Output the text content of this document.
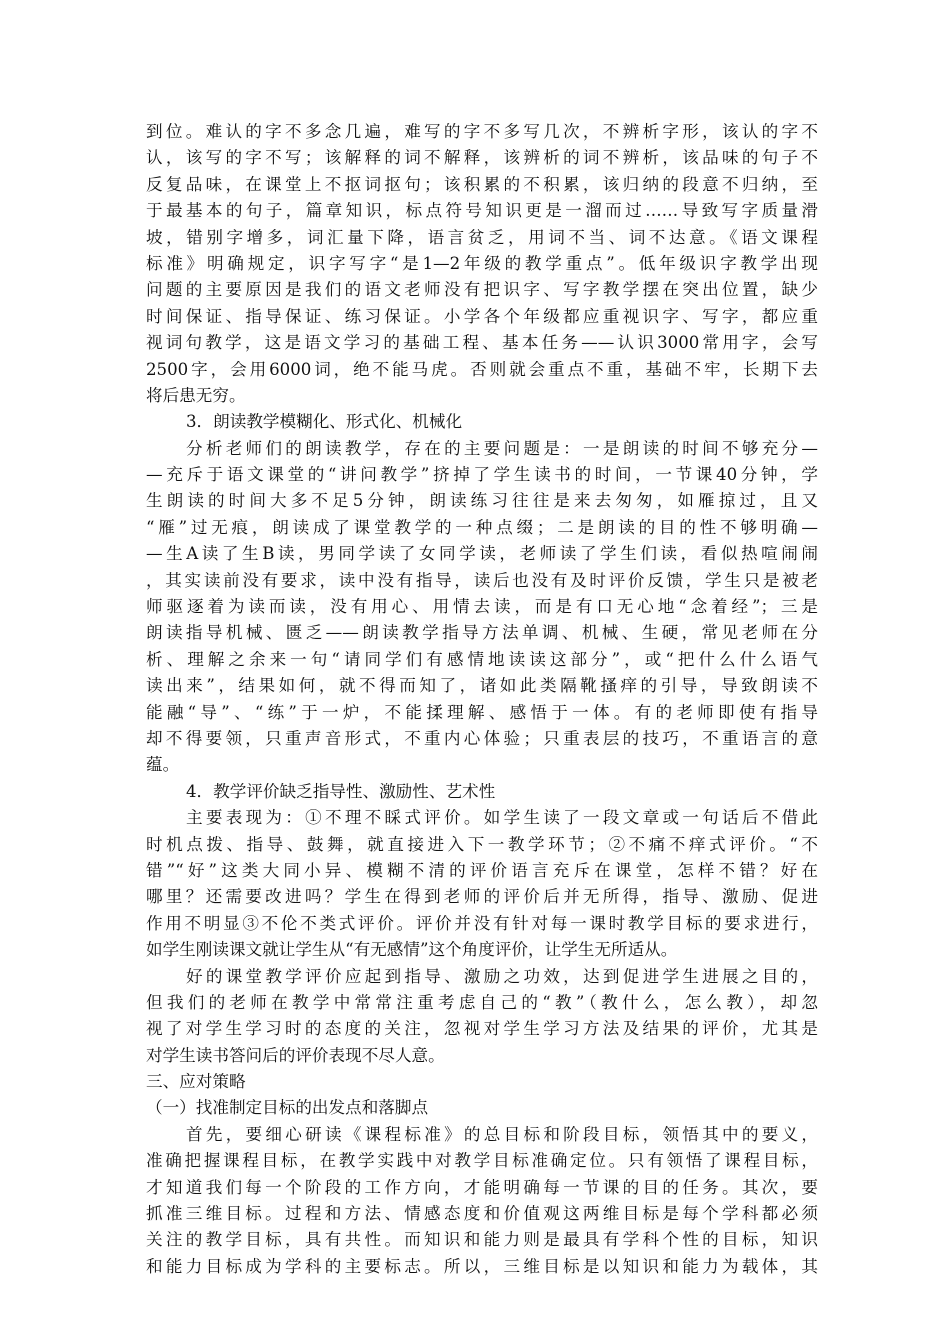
到位。难认的字不多念几遍，难写的字不多写几次，不辨析字形，该认的字不
认，该写的字不写；该解释的词不解释，该辨析的词不辨析，该品味的句子不
反复品味，在课堂上不抠词抠句；该积累的不积累，该归纳的段意不归纳，至
于最基本的句子，篇章知识，标点符号知识更是一溜而过……导致写字质量滑
坡，错别字增多，词汇量下降，语言贫乏，用词不当、词不达意。《语文课程
标准》明确规定，识字写字“是1—2年级的教学重点”。低年级识字教学出现
问题的主要原因是我们的语文老师没有把识字、写字教学摆在突出位置，缺少
时间保证、指导保证、练习保证。小学各个年级都应重视识字、写字，都应重
视词句教学，这是语文学习的基础工程、基本任务——认识3000常用字，会写
2500字，会用6000词，绝不能马虎。否则就会重点不重，基础不牢，长期下去
将后患无穷。
3．朗读教学模糊化、形式化、机械化
分析老师们的朗读教学，存在的主要问题是：一是朗读的时间不够充分—
—充斥于语文课堂的“讲问教学”挤掉了学生读书的时间，一节课40分钟，学
生朗读的时间大多不足5分钟，朗读练习往往是来去匆匆，如雁掠过，且又
“雁”过无痕，朗读成了课堂教学的一种点缀；二是朗读的目的性不够明确—
—生A读了生B读，男同学读了女同学读，老师读了学生们读，看似热喧闹闹
，其实读前没有要求，读中没有指导，读后也没有及时评价反馈，学生只是被老
师驱逐着为读而读，没有用心、用情去读，而是有口无心地“念着经”；三是
朗读指导机械、匮乏——朗读教学指导方法单调、机械、生硬，常见老师在分
析、理解之余来一句“请同学们有感情地读读这部分”，或“把什么什么语气
读出来”，结果如何，就不得而知了，诸如此类隔靴搔痒的引导，导致朗读不
能融“导”、“练”于一炉，不能揉理解、感悟于一体。有的老师即使有指导
却不得要领，只重声音形式，不重内心体验；只重表层的技巧，不重语言的意
蕴。
4．教学评价缺乏指导性、激励性、艺术性
主要表现为：①不理不睬式评价。如学生读了一段文章或一句话后不借此
时机点拨、指导、鼓舞，就直接进入下一教学环节；②不痛不痒式评价。“不
错”“好”这类大同小异、模糊不清的评价语言充斥在课堂，怎样不错？好在
哪里？还需要改进吗？学生在得到老师的评价后并无所得，指导、激励、促进
作用不明显③不伦不类式评价。评价并没有针对每一课时教学目标的要求进行，
如学生刚读课文就让学生从“有无感情”这个角度评价，让学生无所适从。
好的课堂教学评价应起到指导、激励之功效，达到促进学生进展之目的，
但我们的老师在教学中常常注重考虑自己的“教”（教什么，怎么教），却忽
视了对学生学习时的态度的关注，忽视对学生学习方法及结果的评价，尤其是
对学生读书答问后的评价表现不尽人意。
三、应对策略
（一）找准制定目标的出发点和落脚点
首先，要细心研读《课程标准》的总目标和阶段目标，领悟其中的要义，
准确把握课程目标，在教学实践中对教学目标准确定位。只有领悟了课程目标，
才知道我们每一个阶段的工作方向，才能明确每一节课的目的任务。其次，要
抓准三维目标。过程和方法、情感态度和价值观这两维目标是每个学科都必须
关注的教学目标，具有共性。而知识和能力则是最具有学科个性的目标，知识
和能力目标成为学科的主要标志。所以，三维目标是以知识和能力为载体，其
